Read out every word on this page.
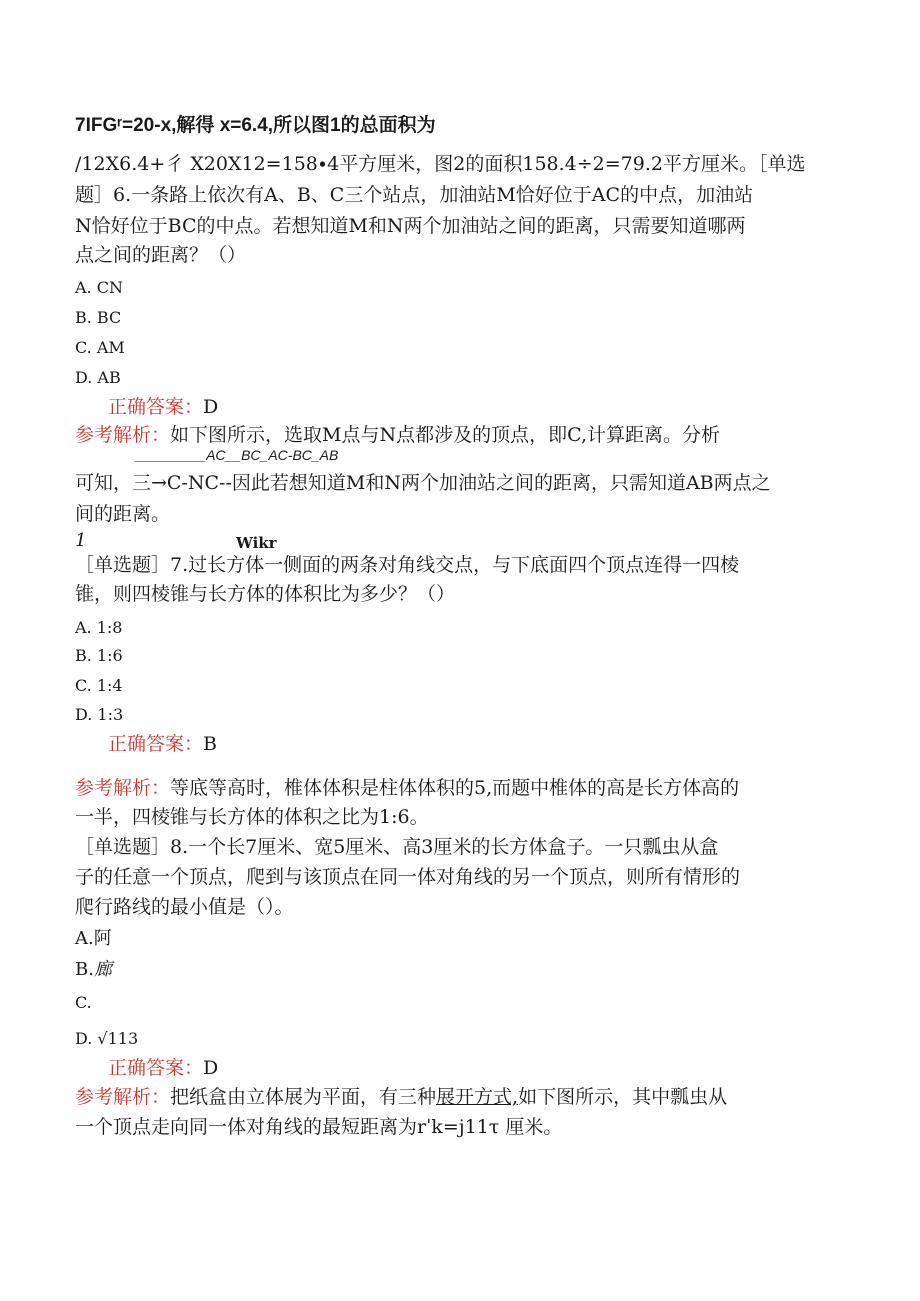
7IFGʳ=20-x,解得 x=6.4,所以图1的总面积为
/12X6.4+彳 X20X12=158∙4平方厘米，图2的面积158.4÷2=79.2平方厘米。［单选
题］6.一条路上依次有A、B、C三个站点，加油站M恰好位于AC的中点，加油站
N恰好位于BC的中点。若想知道M和N两个加油站之间的距离，只需要知道哪两
点之间的距离？（）
A. CN
B. BC
C. AM
D. AB
正确答案：D
参考解析：如下图所示，选取M点与N点都涉及的顶点，即C,计算距离。分析
_________AC__BC_AC-BC_AB
可知，三→C-NC--因此若想知道M和N两个加油站之间的距离，只需知道AB两点之
间的距离。
1	Wikr
［单选题］7.过长方体一侧面的两条对角线交点，与下底面四个顶点连得一四棱
锥，则四棱锥与长方体的体积比为多少？（）
A. 1:8
B. 1:6
C. 1:4
D. 1:3
正确答案：B
参考解析：等底等高时，椎体体积是柱体体积的5,而题中椎体的高是长方体高的
一半，四棱锥与长方体的体积之比为1:6。
［单选题］8.一个长7厘米、宽5厘米、高3厘米的长方体盒子。一只瓢虫从盒
子的任意一个顶点，爬到与该顶点在同一体对角线的另一个顶点，则所有情形的
爬行路线的最小值是（）。
A.阿
B.廊
C.
D. √113
正确答案：D
参考解析：把纸盒由立体展为平面，有三种展开方式,如下图所示，其中瓢虫从
一个顶点走向同一体对角线的最短距离为rˈk=j11τ 厘米。
